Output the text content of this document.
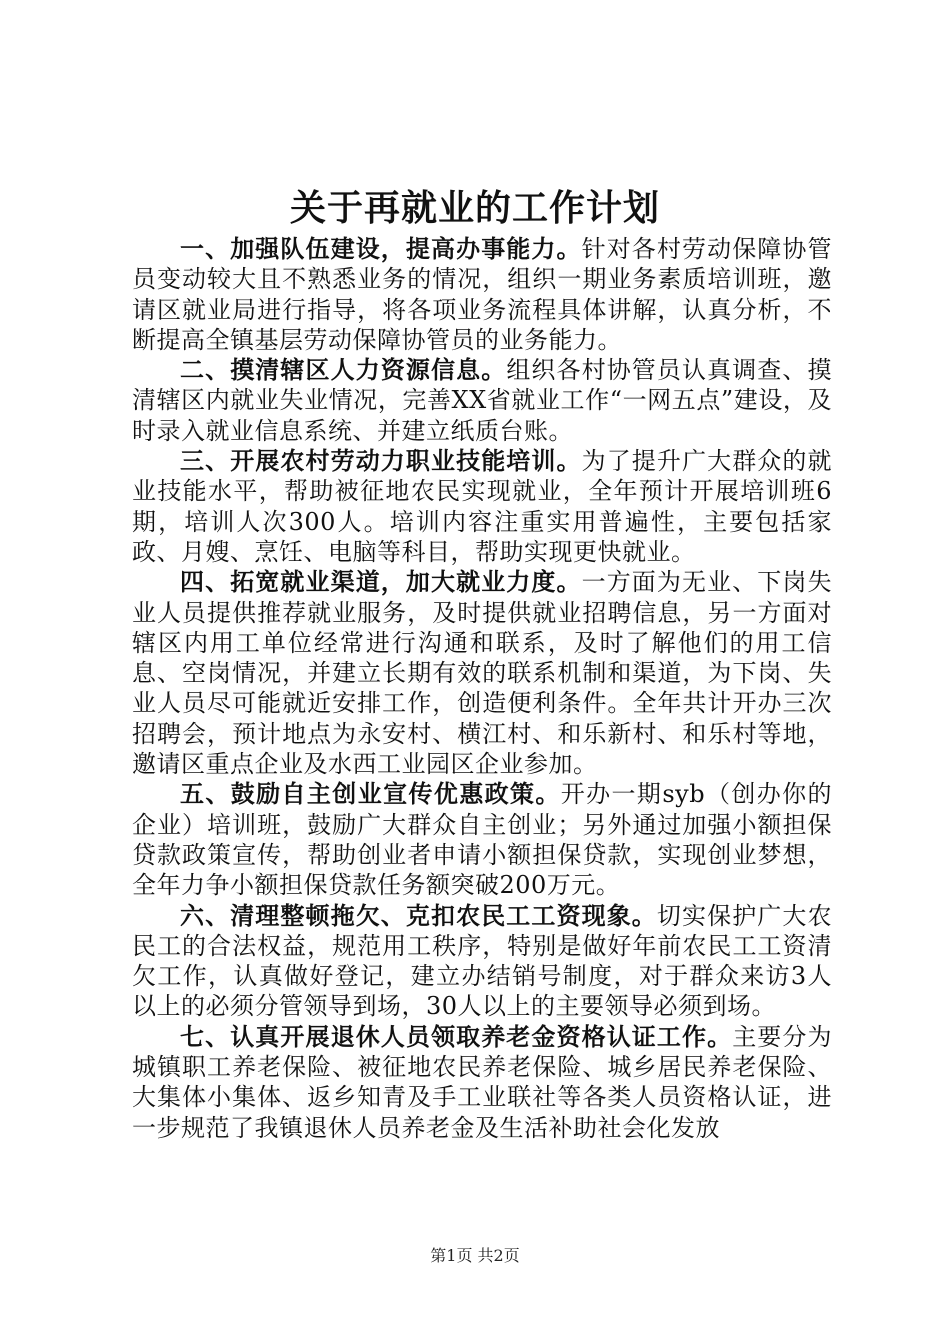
关于再就业的工作计划

一、加强队伍建设，提高办事能力。针对各村劳动保障协管员变动较大且不熟悉业务的情况，组织一期业务素质培训班，邀请区就业局进行指导，将各项业务流程具体讲解，认真分析，不断提高全镇基层劳动保障协管员的业务能力。

二、摸清辖区人力资源信息。组织各村协管员认真调查、摸清辖区内就业失业情况，完善XX省就业工作“一网五点”建设，及时录入就业信息系统、并建立纸质台账。

三、开展农村劳动力职业技能培训。为了提升广大群众的就业技能水平，帮助被征地农民实现就业，全年预计开展培训班6期，培训人次300人。培训内容注重实用普遍性，主要包括家政、月嫂、烹饪、电脑等科目，帮助实现更快就业。

四、拓宽就业渠道，加大就业力度。一方面为无业、下岗失业人员提供推荐就业服务，及时提供就业招聘信息，另一方面对辖区内用工单位经常进行沟通和联系，及时了解他们的用工信息、空岗情况，并建立长期有效的联系机制和渠道，为下岗、失业人员尽可能就近安排工作，创造便利条件。全年共计开办三次招聘会，预计地点为永安村、横江村、和乐新村、和乐村等地，邀请区重点企业及水西工业园区企业参加。

五、鼓励自主创业宣传优惠政策。开办一期syb（创办你的企业）培训班，鼓励广大群众自主创业；另外通过加强小额担保贷款政策宣传，帮助创业者申请小额担保贷款，实现创业梦想，全年力争小额担保贷款任务额突破200万元。

六、清理整顿拖欠、克扣农民工工资现象。切实保护广大农民工的合法权益，规范用工秩序，特别是做好年前农民工工资清欠工作，认真做好登记，建立办结销号制度，对于群众来访3人以上的必须分管领导到场，30人以上的主要领导必须到场。

七、认真开展退休人员领取养老金资格认证工作。主要分为城镇职工养老保险、被征地农民养老保险、城乡居民养老保险、大集体小集体、返乡知青及手工业联社等各类人员资格认证，进一步规范了我镇退休人员养老金及生活补助社会化发放

第1页 共2页
